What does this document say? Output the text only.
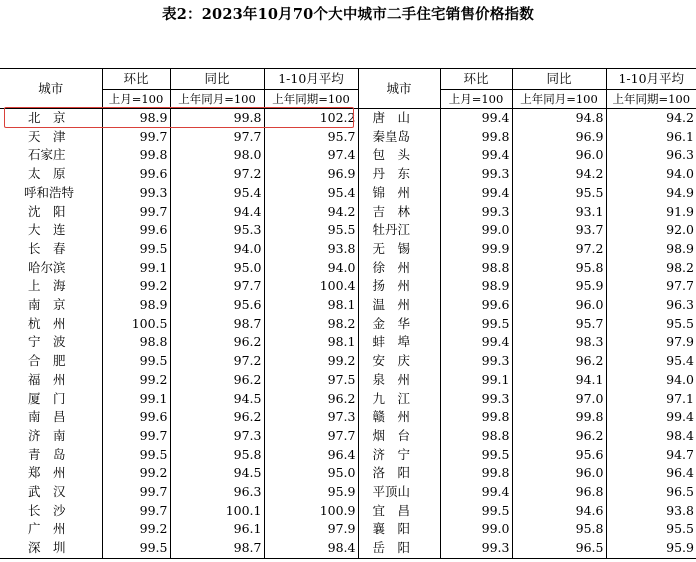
表2：2023年10月70个大中城市二手住宅销售价格指数
城市	环比	同比	1-10月平均	城市	环比	同比	1-10月平均
	上月=100	上年同月=100	上年同期=100		上月=100	上年同月=100	上年同期=100
北　京	98.9	99.8	102.2	唐　山	99.4	94.8	94.2
天　津	99.7	97.7	95.7	秦皇岛	99.8	96.9	96.1
石家庄	99.8	98.0	97.4	包　头	99.4	96.0	96.3
太　原	99.6	97.2	96.9	丹　东	99.3	94.2	94.0
呼和浩特	99.3	95.4	95.4	锦　州	99.4	95.5	94.9
沈　阳	99.7	94.4	94.2	吉　林	99.3	93.1	91.9
大　连	99.6	95.3	95.5	牡丹江	99.0	93.7	92.0
长　春	99.5	94.0	93.8	无　锡	99.9	97.2	98.9
哈尔滨	99.1	95.0	94.0	徐　州	98.8	95.8	98.2
上　海	99.2	97.7	100.4	扬　州	98.9	95.9	97.7
南　京	98.9	95.6	98.1	温　州	99.6	96.0	96.3
杭　州	100.5	98.7	98.2	金　华	99.5	95.7	95.5
宁　波	98.8	96.2	98.1	蚌　埠	99.4	98.3	97.9
合　肥	99.5	97.2	99.2	安　庆	99.3	96.2	95.4
福　州	99.2	96.2	97.5	泉　州	99.1	94.1	94.0
厦　门	99.1	94.5	96.2	九　江	99.3	97.0	97.1
南　昌	99.6	96.2	97.3	赣　州	99.8	99.8	99.4
济　南	99.7	97.3	97.7	烟　台	98.8	96.2	98.4
青　岛	99.5	95.8	96.4	济　宁	99.5	95.6	94.7
郑　州	99.2	94.5	95.0	洛　阳	99.8	96.0	96.4
武　汉	99.7	96.3	95.9	平顶山	99.4	96.8	96.5
长　沙	99.7	100.1	100.9	宜　昌	99.5	94.6	93.8
广　州	99.2	96.1	97.9	襄　阳	99.0	95.8	95.5
深　圳	99.5	98.7	98.4	岳　阳	99.3	96.5	95.9
